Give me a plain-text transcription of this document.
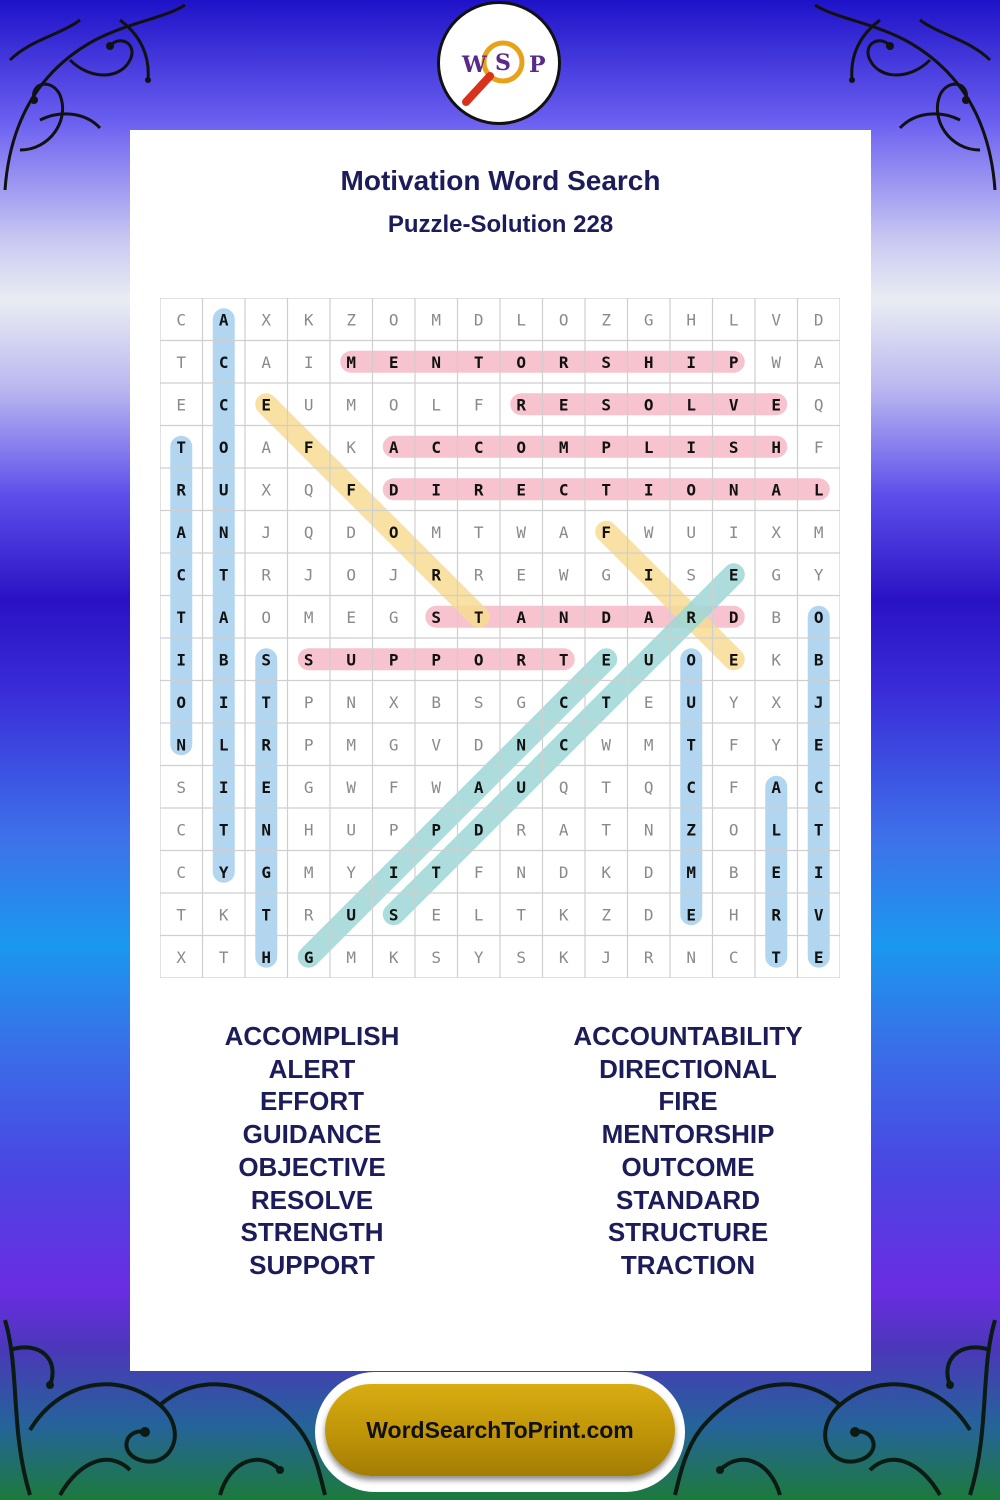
W S P
Motivation Word Search
Puzzle-Solution 228
C A X K Z O M D L O Z G H L V D
T C A I M E N T O R S H I P W A
E C E U M O L F R E S O L V E Q
T O A F K A C C O M P L I S H F
R U X Q F D I R E C T I O N A L
A N J Q D O M T W A F W U I X M
C T R J O J R R E W G I S E G Y
T A O M E G S T A N D A R D B O
I B S S U P P O R T E U O E K B
O I T P N X B S G C T E U Y X J
N L R P M G V D N C W M T F Y E
S I E G W F W A U Q T Q C F A C
C T N H U P P D R A T N Z O L T
C Y G M Y I T F N D K D M B E I
T K T R U S E L T K Z D E H R V
X T H G M K S Y S K J R N C T E
ACCOMPLISH
ALERT
EFFORT
GUIDANCE
OBJECTIVE
RESOLVE
STRENGTH
SUPPORT
ACCOUNTABILITY
DIRECTIONAL
FIRE
MENTORSHIP
OUTCOME
STANDARD
STRUCTURE
TRACTION
WordSearchToPrint.com
